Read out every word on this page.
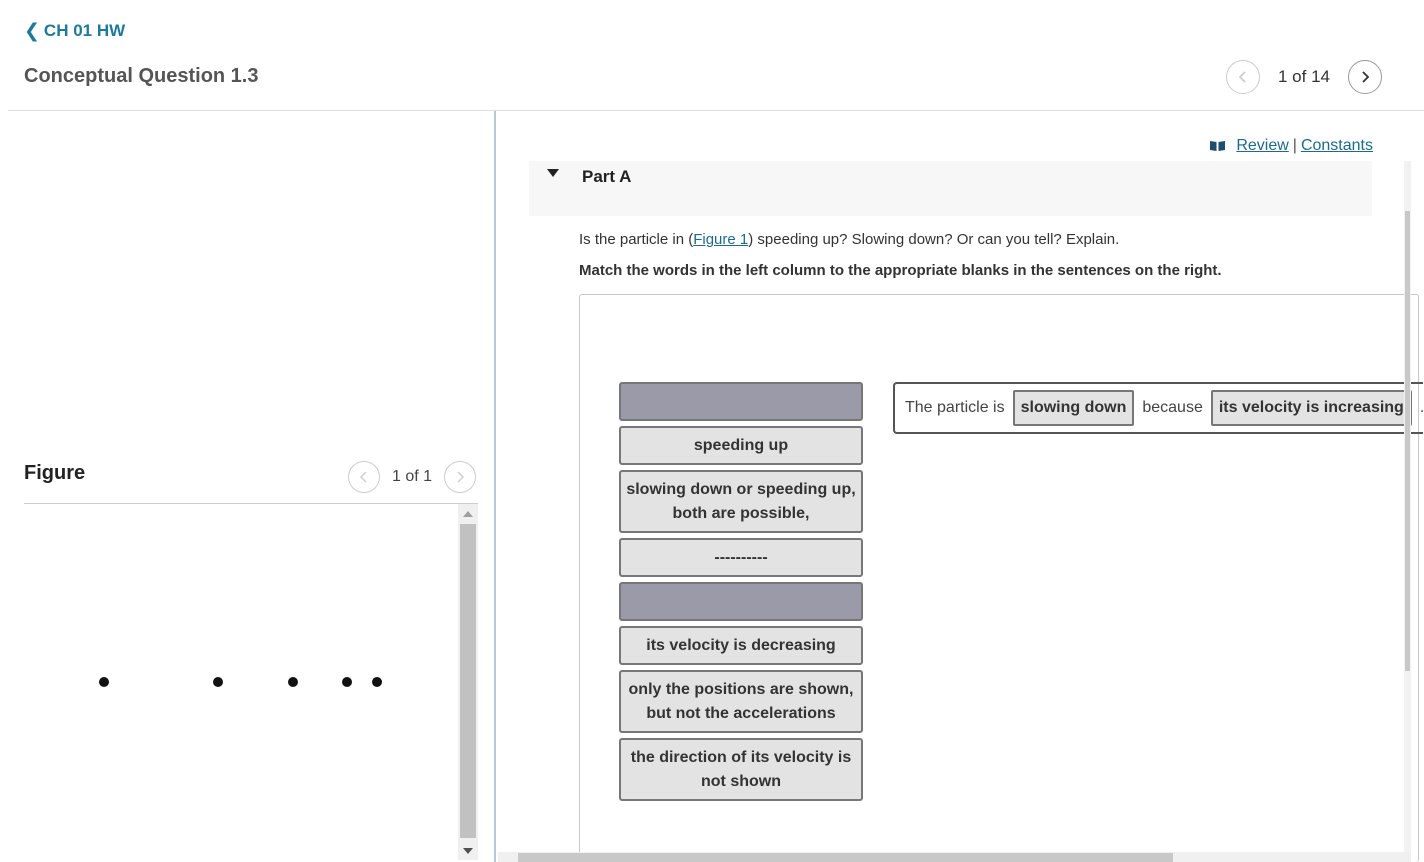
❮ CH 01 HW
Conceptual Question 1.3	1 of 14
Figure	1 of 1
Review | Constants
Part A
Is the particle in (Figure 1) speeding up? Slowing down? Or can you tell? Explain.
Match the words in the left column to the appropriate blanks in the sentences on the right.
speeding up
slowing down or speeding up, both are possible,
----------
its velocity is decreasing
only the positions are shown, but not the accelerations
the direction of its velocity is not shown
The particle is	slowing down	because	its velocity is increasing	.
